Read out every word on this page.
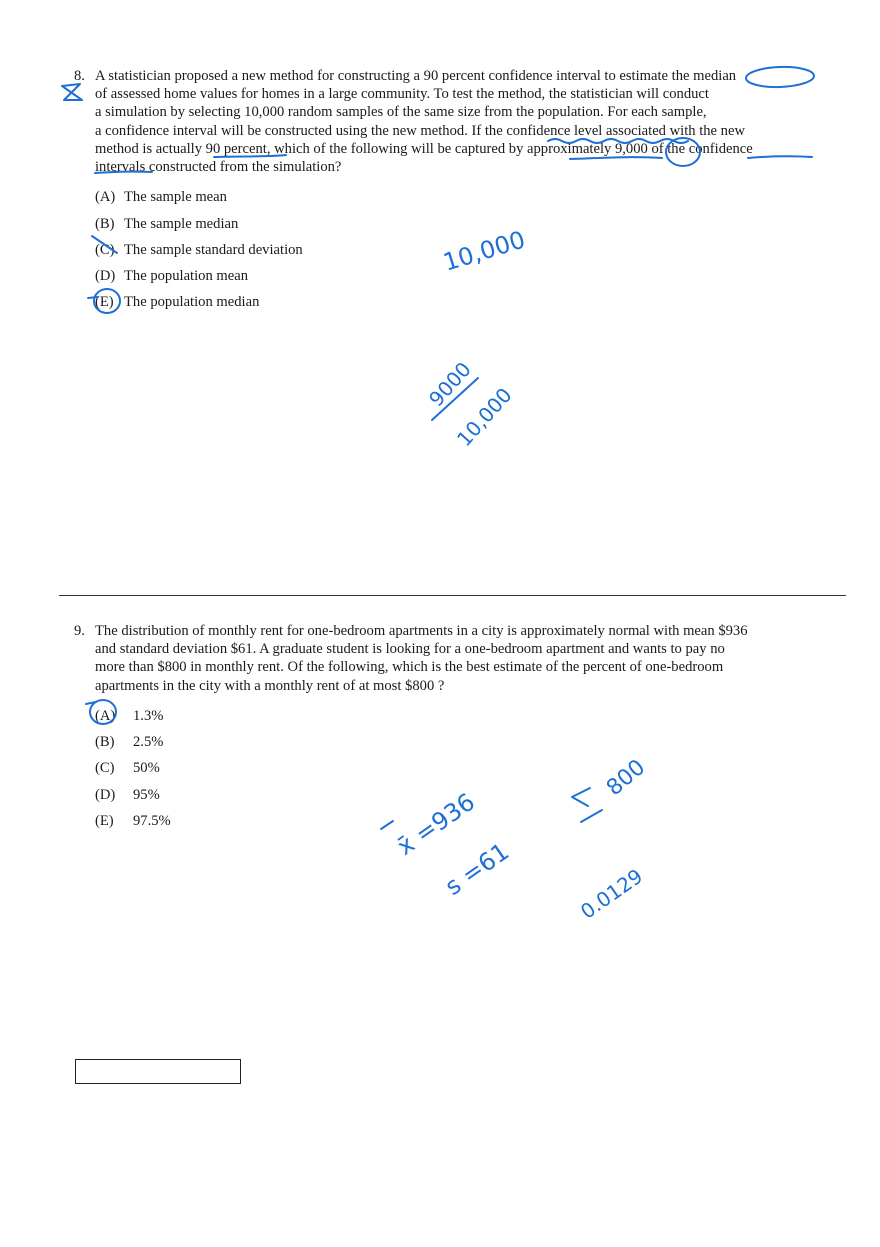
8. A statistician proposed a new method for constructing a 90 percent confidence interval to estimate the median
of assessed home values for homes in a large community. To test the method, the statistician will conduct
a simulation by selecting 10,000 random samples of the same size from the population. For each sample,
a confidence interval will be constructed using the new method. If the confidence level associated with the new
method is actually 90 percent, which of the following will be captured by approximately 9,000 of the confidence
intervals constructed from the simulation?
(A) The sample mean
(B) The sample median
(C) The sample standard deviation
(D) The population mean
(E) The population median
9. The distribution of monthly rent for one-bedroom apartments in a city is approximately normal with mean $936
and standard deviation $61. A graduate student is looking for a one-bedroom apartment and wants to pay no
more than $800 in monthly rent. Of the following, which is the best estimate of the percent of one-bedroom
apartments in the city with a monthly rent of at most $800 ?
(A) 1.3%
(B) 2.5%
(C) 50%
(D) 95%
(E) 97.5%
10,000
9000
10,000
x̄ =936
s =61
800
0.0129
